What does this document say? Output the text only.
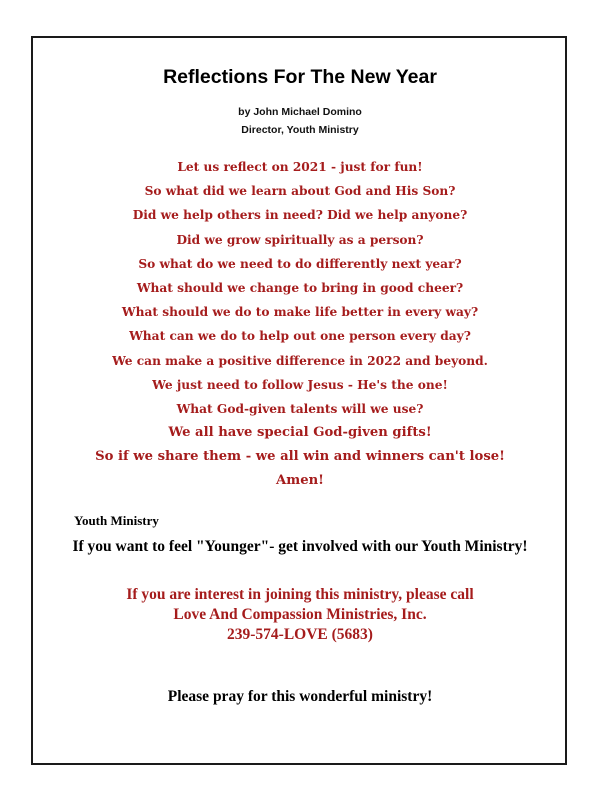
Reflections For The New Year
by John Michael Domino
Director, Youth Ministry
Let us reflect on 2021 - just for fun!
So what did we learn about God and His Son?
Did we help others in need? Did we help anyone?
Did we grow spiritually as a person?
So what do we need to do differently next year?
What should we change to bring in good cheer?
What should we do to make life better in every way?
What can we do to help out one person every day?
We can make a positive difference in 2022 and beyond.
We just need to follow Jesus - He's the one!
What God-given talents will we use?
We all have special God-given gifts!
So if we share them - we all win and winners can't lose!
Amen!
Youth Ministry
If you want to feel "Younger"- get involved with our Youth Ministry!
If you are interest in joining this ministry, please call
Love And Compassion Ministries, Inc.
239-574-LOVE (5683)
Please pray for this wonderful ministry!
